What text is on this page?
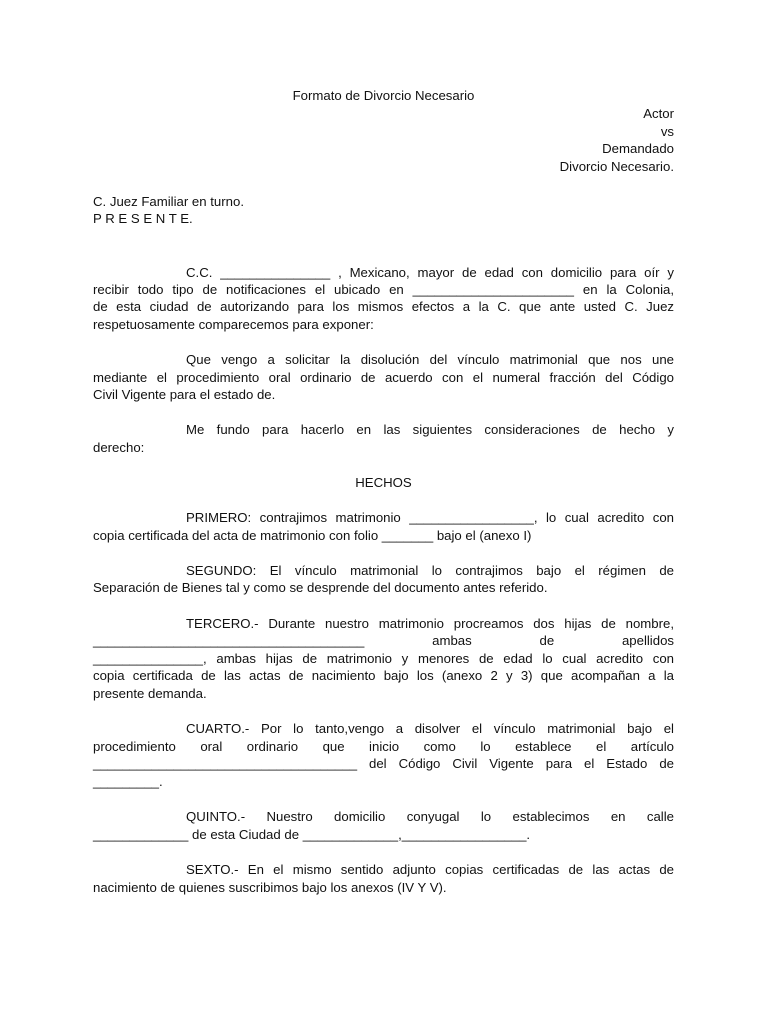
Formato de Divorcio Necesario
Actor
vs
Demandado
Divorcio Necesario.
C. Juez Familiar en turno.
P R E S E N T E.
C.C. _______________ , Mexicano, mayor de edad con domicilio para oír y
recibir todo tipo de notificaciones el ubicado en ______________________ en la Colonia,
de esta ciudad de autorizando para los mismos efectos a la C. que ante usted C. Juez
respetuosamente comparecemos para exponer:
Que vengo a solicitar la disolución del vínculo matrimonial que nos une
mediante el procedimiento oral ordinario de acuerdo con el numeral fracción del Código
Civil Vigente para el estado de.
Me fundo para hacerlo en las siguientes consideraciones de hecho y
derecho:
HECHOS
PRIMERO: contrajimos matrimonio _________________, lo cual acredito con
copia certificada del acta de matrimonio con folio _______ bajo el (anexo I)
SEGUNDO: El vínculo matrimonial lo contrajimos bajo el régimen de
Separación de Bienes tal y como se desprende del documento antes referido.
TERCERO.- Durante nuestro matrimonio procreamos dos hijas de nombre,
_____________________________________ ambas de apellidos
_______________, ambas hijas de matrimonio y menores de edad lo cual acredito con
copia certificada de las actas de nacimiento bajo los (anexo 2 y 3) que acompañan a la
presente demanda.
CUARTO.- Por lo tanto,vengo a disolver el vínculo matrimonial bajo el
procedimiento oral ordinario que inicio como lo establece el artículo
____________________________________ del Código Civil Vigente para el Estado de
_________.
QUINTO.- Nuestro domicilio conyugal lo establecimos en calle
_____________ de esta Ciudad de _____________,_________________.
SEXTO.- En el mismo sentido adjunto copias certificadas de las actas de
nacimiento de quienes suscribimos bajo los anexos (IV Y V).
